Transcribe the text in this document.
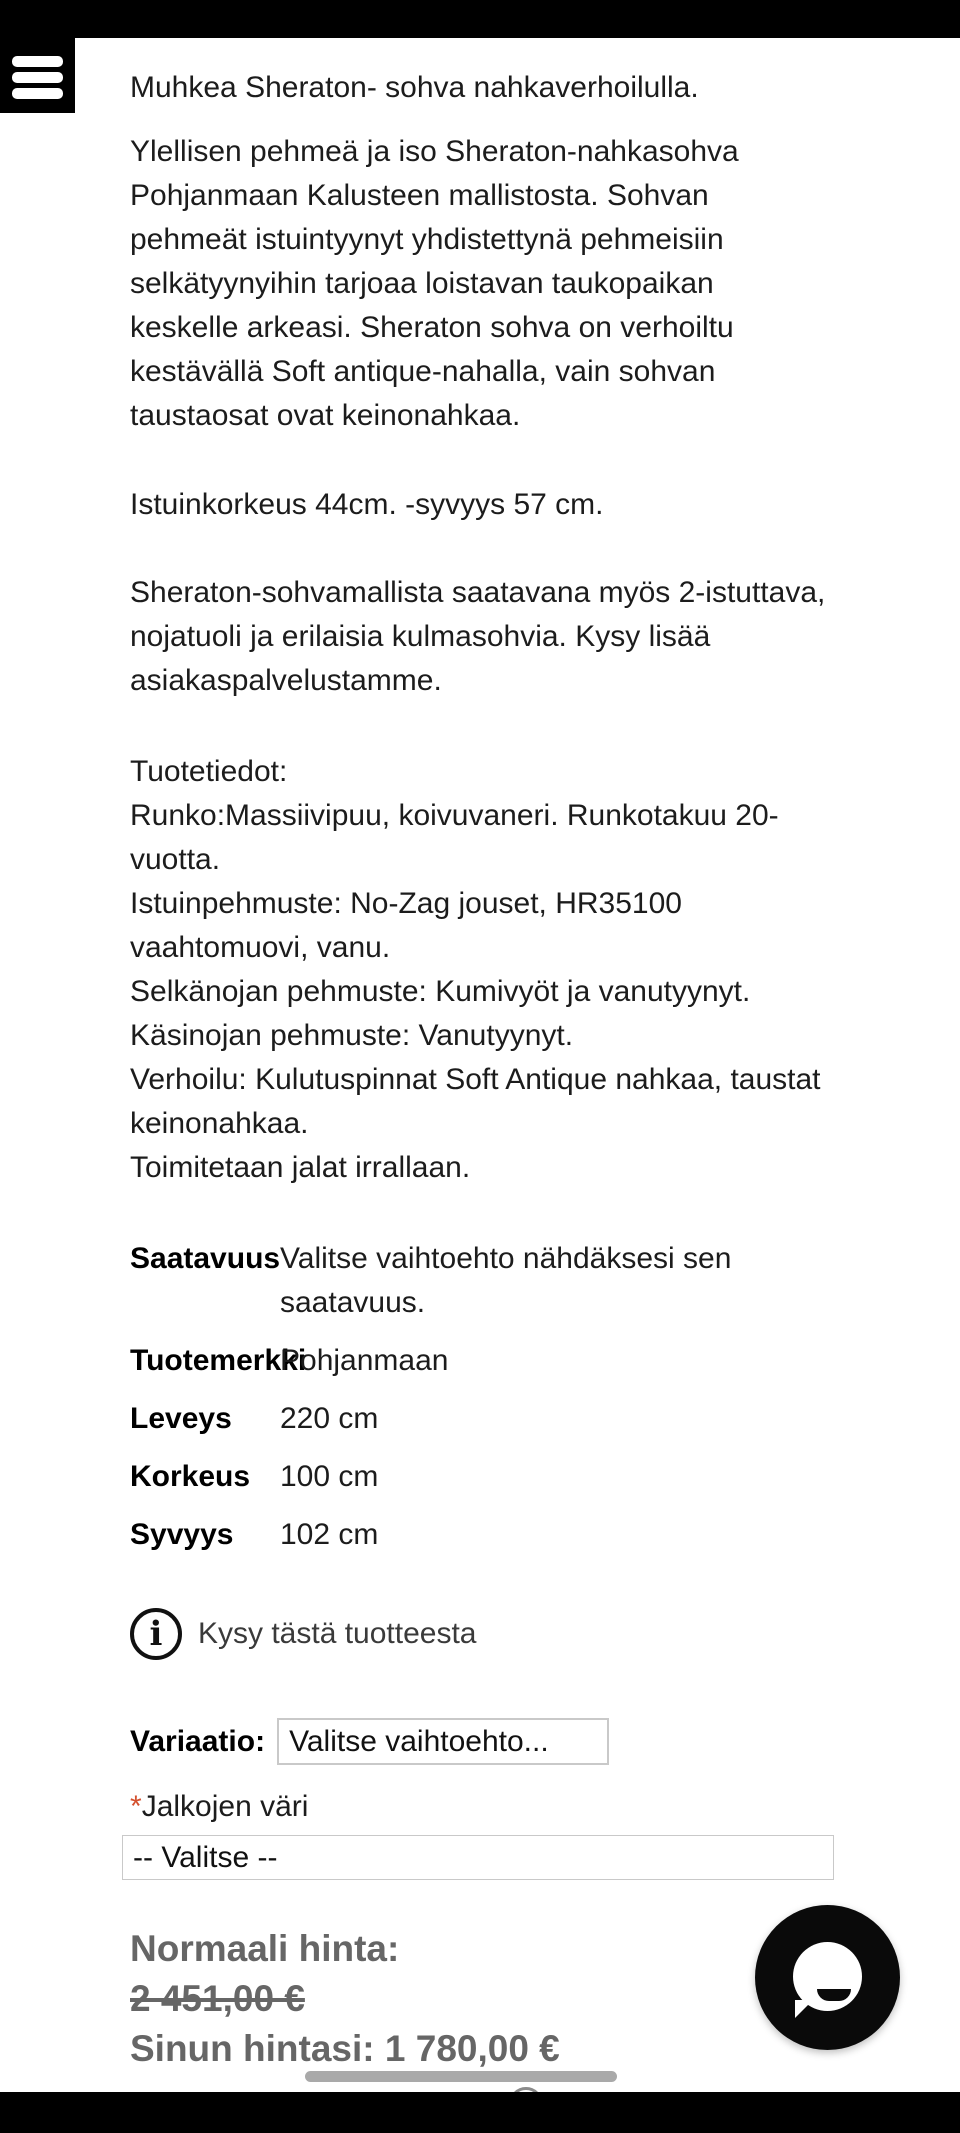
Muhkea Sheraton- sohva nahkaverhoilulla.

Ylellisen pehmeä ja iso Sheraton-nahkasohva Pohjanmaan Kalusteen mallistosta. Sohvan pehmeät istuintyynyt yhdistettynä pehmeisiin selkätyynyihin tarjoaa loistavan taukopaikan keskelle arkeasi. Sheraton sohva on verhoiltu kestävällä Soft antique-nahalla, vain sohvan taustaosat ovat keinonahkaa.

Istuinkorkeus 44cm. -syvyys 57 cm.

Sheraton-sohvamallista saatavana myös 2-istuttava, nojatuoli ja erilaisia kulmasohvia. Kysy lisää asiakaspalvelustamme.

Tuotetiedot:
Runko:Massiivipuu, koivuvaneri. Runkotakuu 20-vuotta.
Istuinpehmuste: No-Zag jouset, HR35100 vaahtomuovi, vanu.
Selkänojan pehmuste: Kumivyöt ja vanutyynyt.
Käsinojan pehmuste: Vanutyynyt.
Verhoilu: Kulutuspinnat Soft Antique nahkaa, taustat keinonahkaa.
Toimitetaan jalat irrallaan.
Saatavuus Valitse vaihtoehto nähdäksesi sen saatavuus.
Tuotemerkki
Pohjanmaan
Leveys	220 cm
Korkeus 100 cm
Syvyys	102 cm
i Kysy tästä tuotteesta
Variaatio: Valitse vaihtoehto...
*Jalkojen väri
-- Valitse --
Normaali hinta:
2 451,00 €
Sinun hintasi: 1 780,00 €
